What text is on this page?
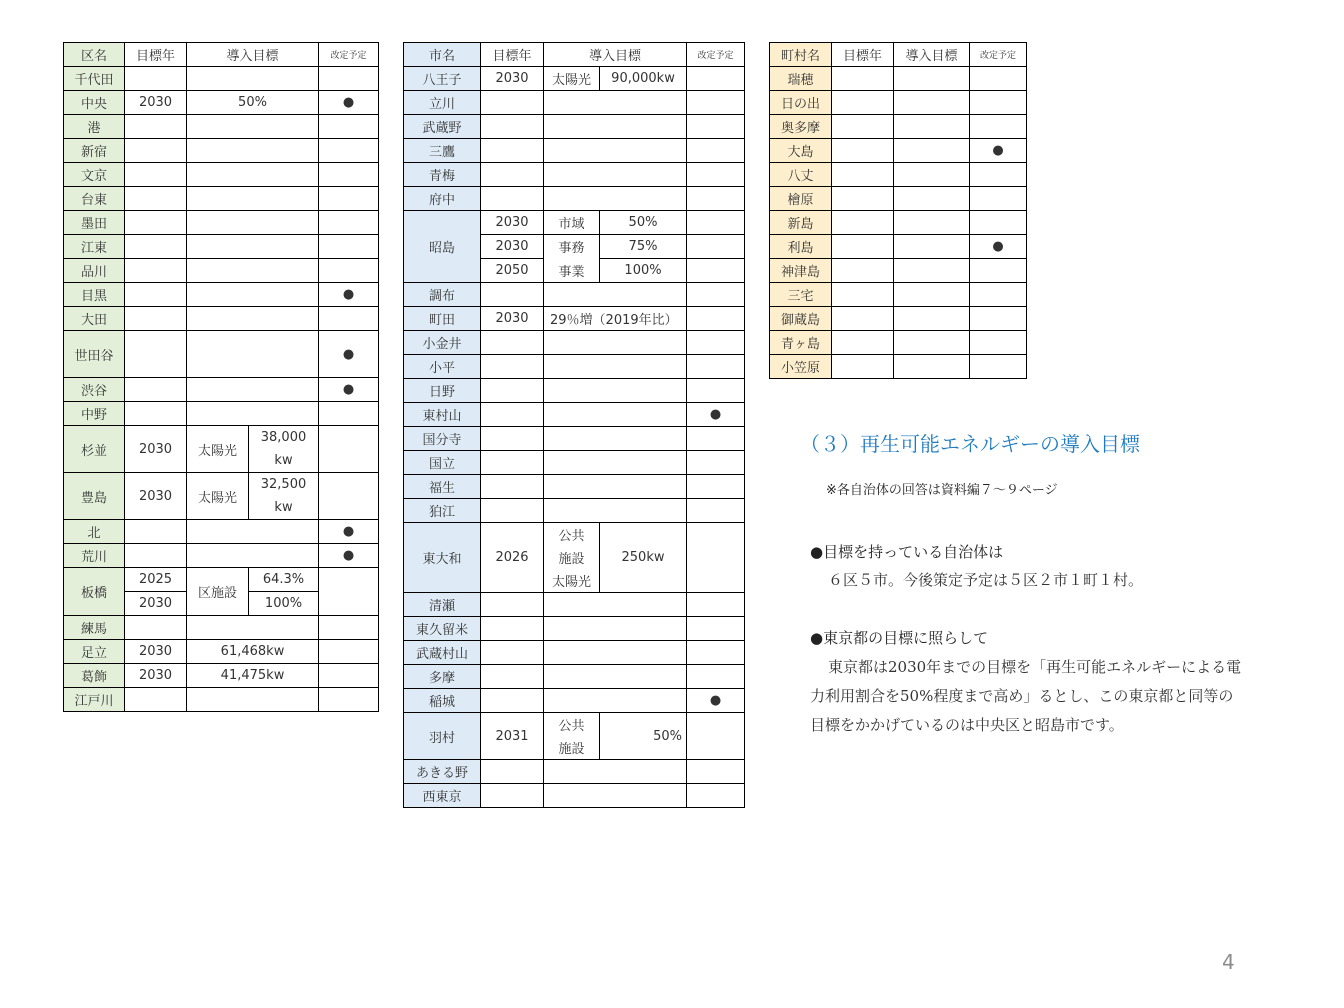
区名	目標年	導入目標		改定予定
千代田				
中央	2030	50%		●
港				
新宿				
文京				
台東				
墨田				
江東				
品川				
目黒				●
大田				
世田谷				●
渋谷				●
中野				
杉並	2030	太陽光	38,000	
			kw	
豊島	2030	太陽光	32,500	
			kw	
北				●
荒川				●
板橋	2025	区施設	64.3%	
	2030		100%	
練馬				
足立	2030	61,468kw		
葛飾	2030	41,475kw		
江戸川				
市名	目標年	導入目標		改定予定
八王子	2030	太陽光	90,000kw	
立川				
武蔵野				
三鷹				
青梅				
府中				
昭島	2030	市域	50%	
	2030	事務	75%	
	2050	事業	100%	
調布				
町田	2030	29％増（2019年比）		
小金井				
小平				
日野				
東村山				●
国分寺				
国立				
福生				
狛江				
東大和	2026	公共	250kw	
		施設		
		太陽光		
清瀬				
東久留米				
武蔵村山				
多摩				
稲城				●
羽村	2031	公共	50%	
		施設		
あきる野				
西東京				
町村名	目標年	導入目標	改定予定
瑞穂			
日の出			
奥多摩			
大島			●
八丈			
檜原			
新島			
利島			●
神津島			
三宅			
御蔵島			
青ヶ島			
小笠原			
（３）再生可能エネルギーの導入目標
※各自治体の回答は資料編７～９ページ
●目標を持っている自治体は
６区５市。今後策定予定は５区２市１町１村。
●東京都の目標に照らして
東京都は2030年までの目標を「再生可能エネルギーによる電
力利用割合を50%程度まで高め」るとし、この東京都と同等の
目標をかかげているのは中央区と昭島市です。
4
